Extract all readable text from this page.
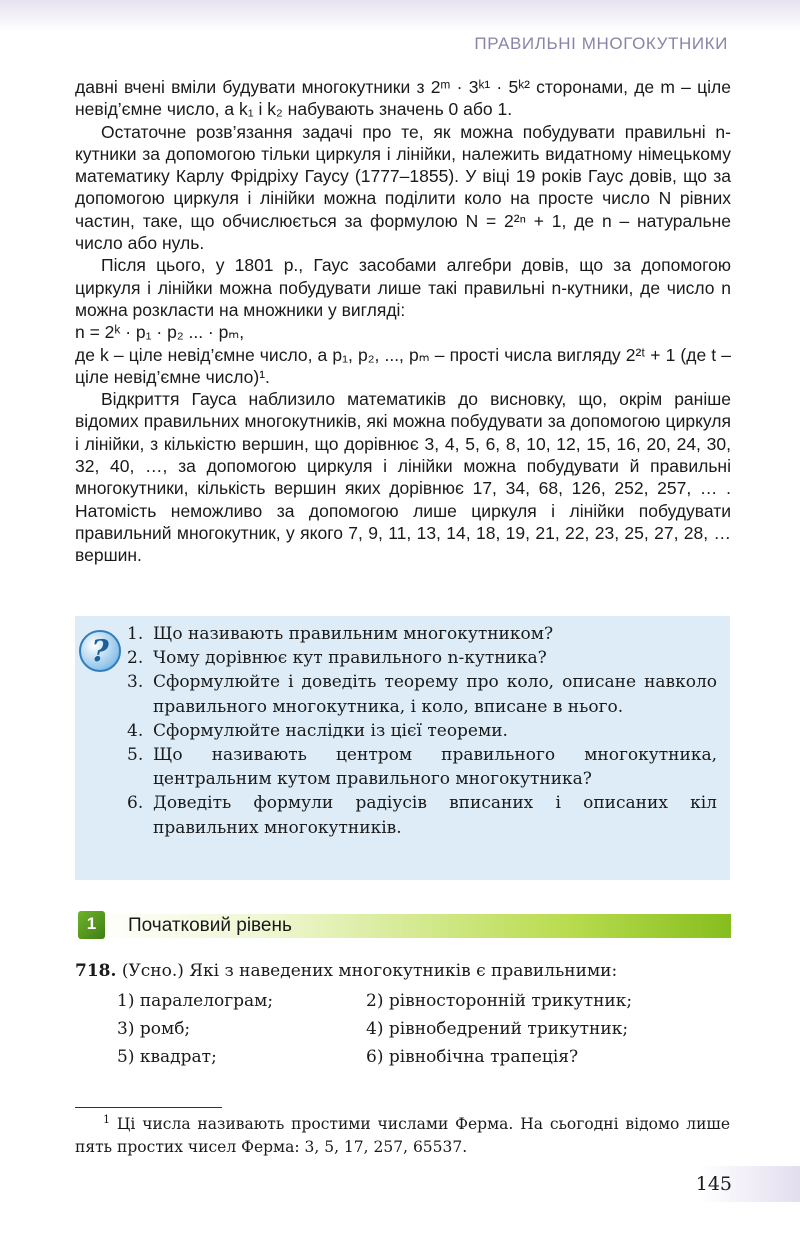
ПРАВИЛЬНІ МНОГОКУТНИКИ

давні вчені вміли будувати многокутники з 2ᵐ · 3ᵏ¹ · 5ᵏ² сторонами, де m – ціле невід’ємне число, а k₁ і k₂ набувають значень 0 або 1.

Остаточне розв’язання задачі про те, як можна побудувати правильні n-кутники за допомогою тільки циркуля і лінійки, належить видатному німецькому математику Карлу Фрідріху Гаусу (1777–1855). У віці 19 років Гаус довів, що за допомогою циркуля і лінійки можна поділити коло на просте число N рівних частин, таке, що обчислюється за формулою N = 2²ⁿ + 1, де n – натуральне число або нуль.

Після цього, у 1801 р., Гаус засобами алгебри довів, що за допомогою циркуля і лінійки можна побудувати лише такі правильні n-кутники, де число n можна розкласти на множники у вигляді:

n = 2ᵏ · p₁ · p₂ ... · pₘ,

де k – ціле невід’ємне число, а p₁, p₂, ..., pₘ – прості числа вигляду 2²ᵗ + 1 (де t – ціле невід’ємне число)¹.

Відкриття Гауса наблизило математиків до висновку, що, окрім раніше відомих правильних многокутників, які можна побудувати за допомогою циркуля і лінійки, з кількістю вершин, що дорівнює 3, 4, 5, 6, 8, 10, 12, 15, 16, 20, 24, 30, 32, 40, …, за допомогою циркуля і лінійки можна побудувати й правильні многокутники, кількість вершин яких дорівнює 17, 34, 68, 126, 252, 257, … . Натомість неможливо за допомогою лише циркуля і лінійки побудувати правильний многокутник, у якого 7, 9, 11, 13, 14, 18, 19, 21, 22, 23, 25, 27, 28, … вершин.

?	1. Що називають правильним многокутником?
2. Чому дорівнює кут правильного n-кутника?
3. Сформулюйте і доведіть теорему про коло, описане навколо правильного многокутника, і коло, вписане в нього.
4. Сформулюйте наслідки із цієї теореми.
5. Що називають центром правильного многокутника, центральним кутом правильного многокутника?
6. Доведіть формули радіусів вписаних і описаних кіл правильних многокутників.
1	Початковий рівень
718. (Усно.) Які з наведених многокутників є правильними:
1) паралелограм;	2) рівносторонній трикутник;
3) ромб;	4) рівнобедрений трикутник;
5) квадрат;	6) рівнобічна трапеція?
$^1$ Ці числа називають простими числами Ферма. На сьогодні відомо лише пять простих чисел Ферма: 3, 5, 17, 257, 65537.
145
